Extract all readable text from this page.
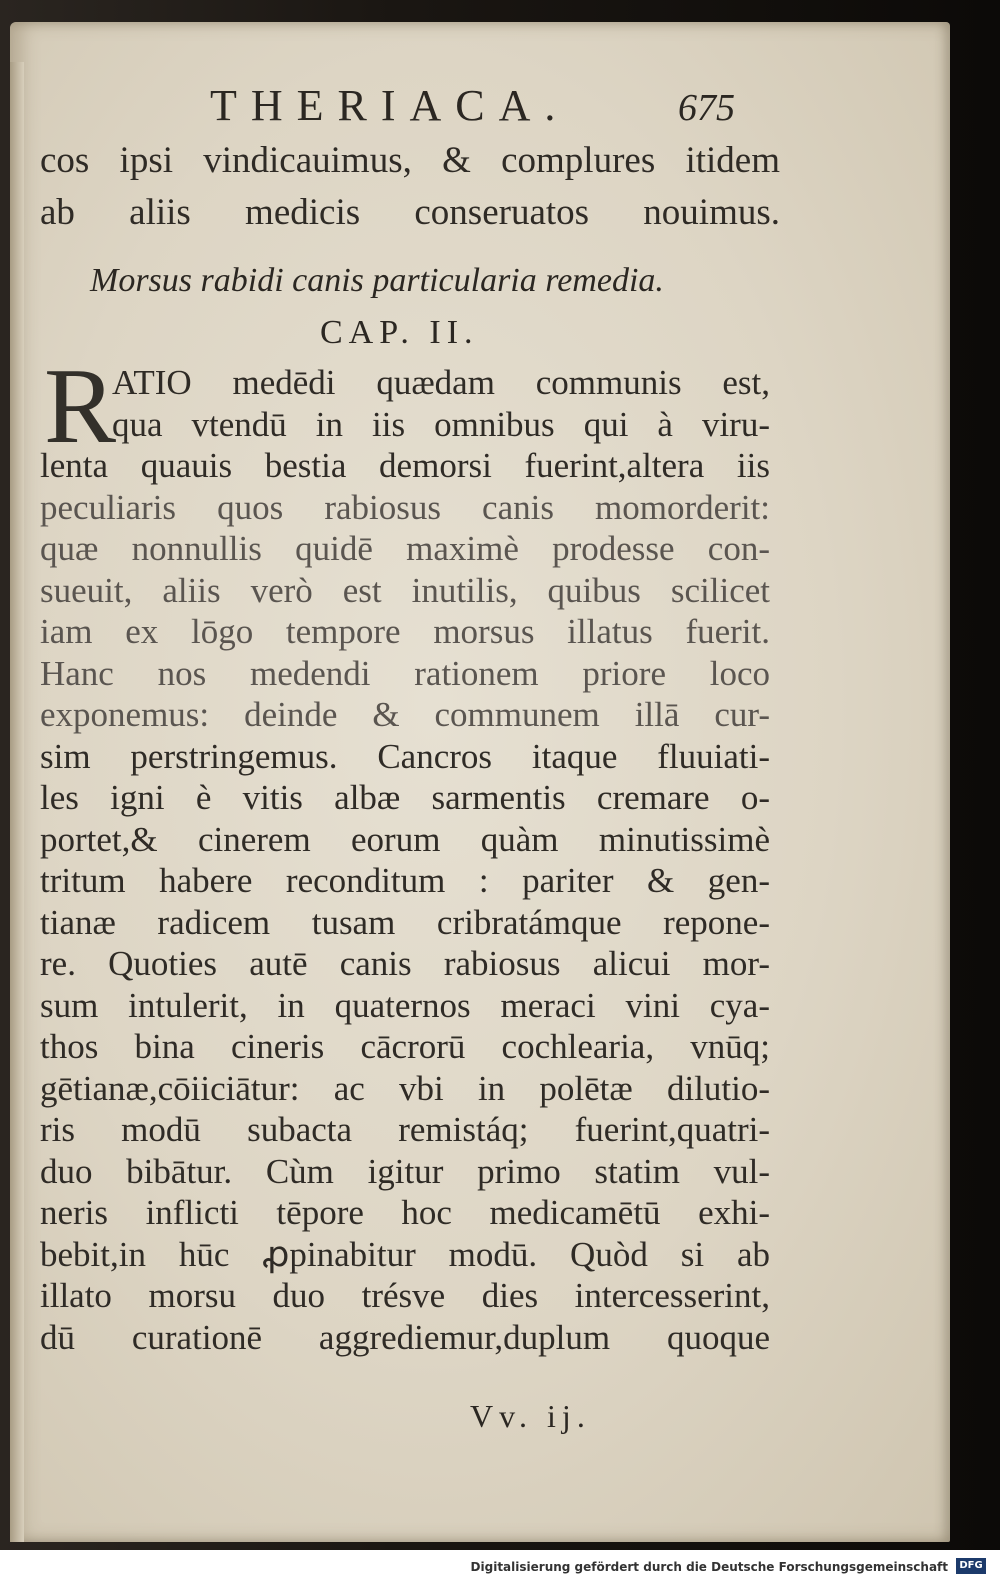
THERIACA.	675
cos ipsi vindicauimus, & complures itidem
ab aliis medicis conseruatos nouimus.
Morsus rabidi canis particularia remedia.
CAP. II.
R
ATIO medēdi quædam communis est,
qua vtendū in iis omnibus qui à viru-
lenta quauis bestia demorsi fuerint,altera iis
peculiaris quos rabiosus canis momorderit:
quæ nonnullis quidē maximè prodesse con-
sueuit, aliis verò est inutilis, quibus scilicet
iam ex lōgo tempore morsus illatus fuerit.
Hanc nos medendi rationem priore loco
exponemus: deinde & communem illā cur-
sim perstringemus. Cancros itaque fluuiati-
les igni è vitis albæ sarmentis cremare o-
portet,& cinerem eorum quàm minutissimè
tritum habere reconditum : pariter & gen-
tianæ radicem tusam cribratámque repone-
re. Quoties autē canis rabiosus alicui mor-
sum intulerit, in quaternos meraci vini cya-
thos bina cineris cācrorū cochlearia, vnūq;
gētianæ,cōiiciātur: ac vbi in polētæ dilutio-
ris modū subacta remistáq; fuerint,quatri-
duo bibātur. Cùm igitur primo statim vul-
neris inflicti tēpore hoc medicamētū exhi-
bebit,in hūc ꝓpinabitur modū. Quòd si ab
illato morsu duo trésve dies intercesserint,
dū curationē aggrediemur,duplum quoque
Vv. ij.
Digitalisierung gefördert durch die Deutsche Forschungsgemeinschaft	DFG
